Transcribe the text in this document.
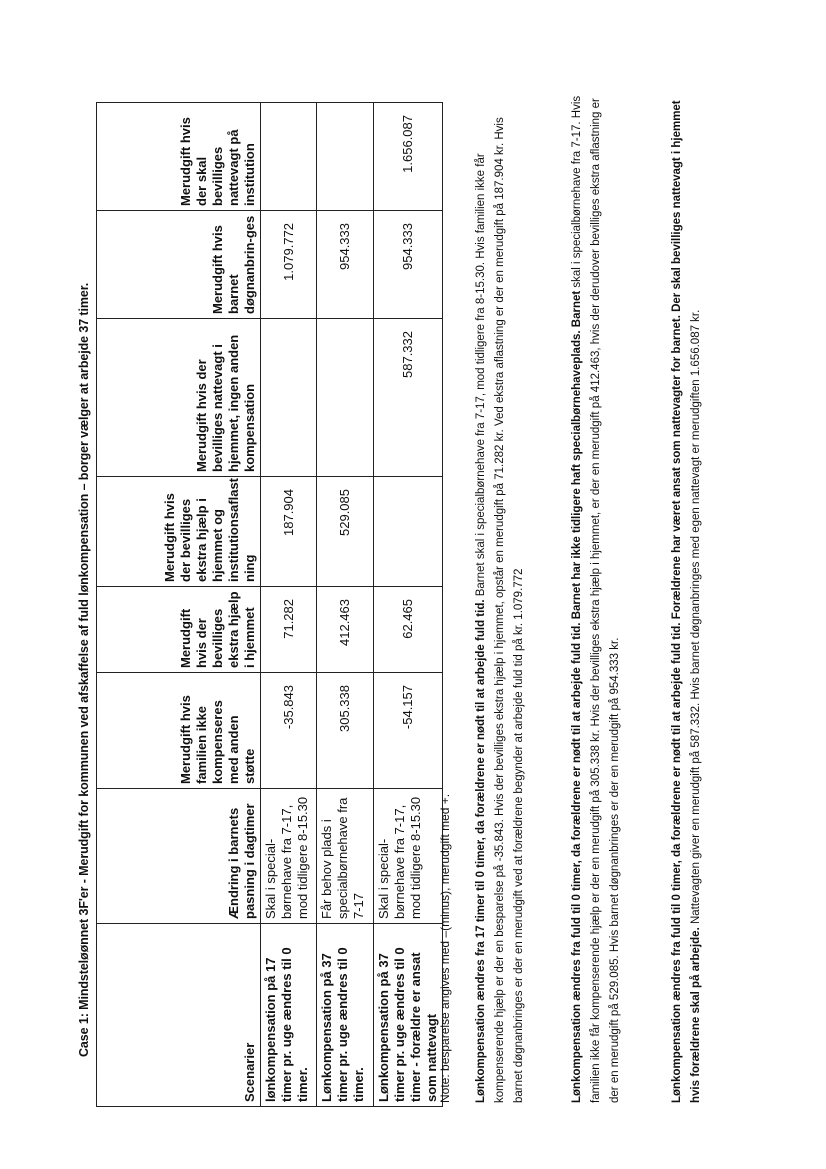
Case 1: Mindsteløønnet 3F'er - Merudgift for kommunen ved afskaffelse af fuld lønkompensation – borger vælger at arbejde 37 timer.
Scenarier	Ændring i barnets pasning i dagtimer	Merudgift hvis familien ikke kompenseres med anden støtte	Merudgift hvis der bevilliges ekstra hjælp i hjemmet	Merudgift hvis der bevilliges ekstra hjælp i hjemmet og institutionsaflast ning	Merudgift hvis der bevilliges nattevagt i hjemmet, ingen anden kompensation	Merudgift hvis barnet døgnanbrin-ges	Merudgift hvis der skal bevilliges nattevagt på institution
lønkompensation på 17 timer pr. uge ændres til 0 timer.	Skal i special-børnehave fra 7-17, mod tidligere 8-15.30	-35.843	71.282	187.904		1.079.772	
Lønkompensation på 37 timer pr. uge ændres til 0 timer.	Får behov plads i specialbørnehave fra 7-17	305.338	412.463	529.085		954.333	
Lønkompensation på 37 timer pr. uge ændres til 0 timer - forældre er ansat som nattevagt	Skal i special-børnehave fra 7-17, mod tidligere 8-15.30	-54.157	62.465		587.332	954.333	1.656.087
Note: besparelse angives med –(minus), merudgift med +. Lønkompensation ændres fra 17 timer til 0 timer, da forældrene er nødt til at arbejde fuld tid. Barnet skal i specialbørnehave fra 7-17, mod tidligere fra 8-15.30. Hvis familien ikke får kompenserende hjælp er der en besparelse på -35.843. Hvis der bevilliges ekstra hjælp i hjemmet, opstår en merudgift på 71.282 kr. Ved ekstra aflastning er der en merudgift på 187.904 kr. Hvis barnet døgnanbringes er der en merudgift ved at forældrene begynder at arbejde fuld tid på kr. 1.079.772	Lønkompensation ændres fra fuld til 0 timer, da forældrene er nødt til at arbejde fuld tid. Barnet har ikke tidligere haft specialbørnehaveplads. Barnet skal i specialbørnehave fra 7-17. Hvis familien ikke får kompenserende hjælp er der en merudgift på 305.338 kr. Hvis der bevilliges ekstra hjælp i hjemmet, er der en merudgift på 412.463, hvis der derudover bevilliges ekstra aflastning er der en merudgift på 529.085. Hvis barnet døgnanbringes er der en merudgift på 954.333 kr.	Lønkompensation ændres fra fuld til 0 timer, da forældrene er nødt til at arbejde fuld tid. Forældrene har været ansat som nattevagter for barnet. Der skal bevilliges nattevagt i hjemmet hvis forældrene skal på arbejde. Nattevagten giver en merudgift på 587.332. Hvis barnet døgnanbringes med egen nattevagt er merudgiften 1.656.087 kr.
